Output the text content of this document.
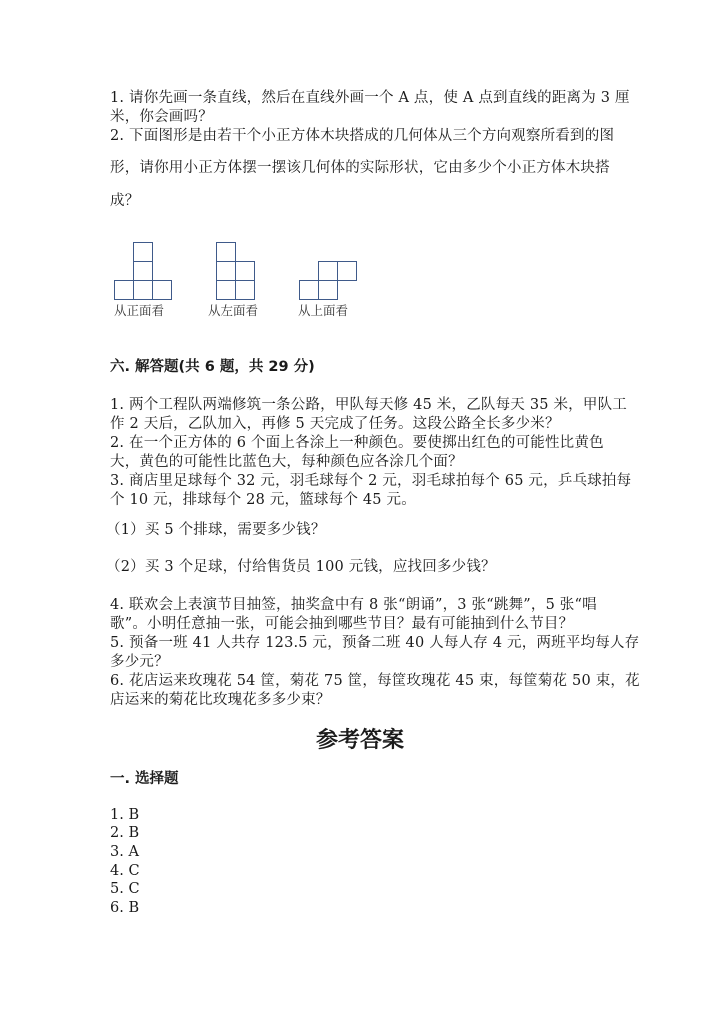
1. 请你先画一条直线，然后在直线外画一个 A 点，使 A 点到直线的距离为 3 厘
米，你会画吗？
2. 下面图形是由若干个小正方体木块搭成的几何体从三个方向观察所看到的图
形，请你用小正方体摆一摆该几何体的实际形状，它由多少个小正方体木块搭
成？
从正面看	从左面看	从上面看
六. 解答题(共 6 题，共 29 分)
1. 两个工程队两端修筑一条公路，甲队每天修 45 米，乙队每天 35 米，甲队工
作 2 天后，乙队加入，再修 5 天完成了任务。这段公路全长多少米？
2. 在一个正方体的 6 个面上各涂上一种颜色。要使掷出红色的可能性比黄色
大，黄色的可能性比蓝色大，每种颜色应各涂几个面？
3. 商店里足球每个 32 元，羽毛球每个 2 元，羽毛球拍每个 65 元，乒乓球拍每
个 10 元，排球每个 28 元，篮球每个 45 元。
（1）买 5 个排球，需要多少钱？
（2）买 3 个足球，付给售货员 100 元钱，应找回多少钱？
4. 联欢会上表演节目抽签，抽奖盒中有 8 张“朗诵”，3 张“跳舞”，5 张“唱
歌”。小明任意抽一张，可能会抽到哪些节目？最有可能抽到什么节目？
5. 预备一班 41 人共存 123.5 元，预备二班 40 人每人存 4 元，两班平均每人存
多少元？
6. 花店运来玫瑰花 54 筐，菊花 75 筐，每筐玫瑰花 45 束，每筐菊花 50 束，花
店运来的菊花比玫瑰花多多少束？
参考答案
一. 选择题
1. B
2. B
3. A
4. C
5. C
6. B
